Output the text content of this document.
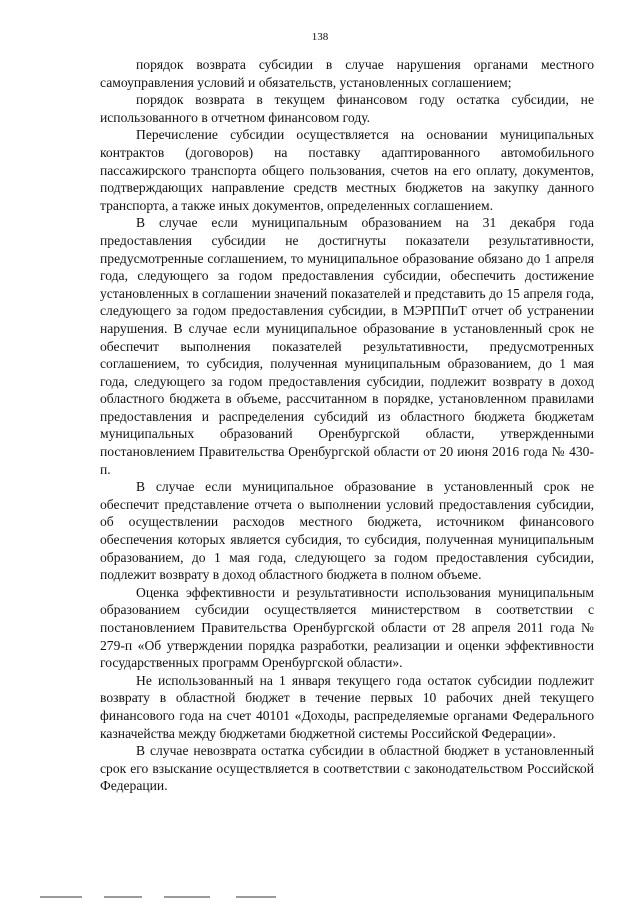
138

порядок возврата субсидии в случае нарушения органами местного самоуправления условий и обязательств, установленных соглашением;

порядок возврата в текущем финансовом году остатка субсидии, не использованного в отчетном финансовом году.

Перечисление субсидии осуществляется на основании муниципальных контрактов (договоров) на поставку адаптированного автомобильного пассажирского транспорта общего пользования, счетов на его оплату, документов, подтверждающих направление средств местных бюджетов на закупку данного транспорта, а также иных документов, определенных соглашением.

В случае если муниципальным образованием на 31 декабря года предоставления субсидии не достигнуты показатели результативности, предусмотренные соглашением, то муниципальное образование обязано до 1 апреля года, следующего за годом предоставления субсидии, обеспечить достижение установленных в соглашении значений показателей и представить до 15 апреля года, следующего за годом предоставления субсидии, в МЭРППиТ отчет об устранении нарушения. В случае если муниципальное образование в установленный срок не обеспечит выполнения показателей результативности, предусмотренных соглашением, то субсидия, полученная муниципальным образованием, до 1 мая года, следующего за годом предоставления субсидии, подлежит возврату в доход областного бюджета в объеме, рассчитанном в порядке, установленном правилами предоставления и распределения субсидий из областного бюджета бюджетам муниципальных образований Оренбургской области, утвержденными постановлением Правительства Оренбургской области от 20 июня 2016 года № 430-п.

В случае если муниципальное образование в установленный срок не обеспечит представление отчета о выполнении условий предоставления субсидии, об осуществлении расходов местного бюджета, источником финансового обеспечения которых является субсидия, то субсидия, полученная муниципальным образованием, до 1 мая года, следующего за годом предоставления субсидии, подлежит возврату в доход областного бюджета в полном объеме.

Оценка эффективности и результативности использования муниципальным образованием субсидии осуществляется министерством в соответствии с постановлением Правительства Оренбургской области от 28 апреля 2011 года № 279-п «Об утверждении порядка разработки, реализации и оценки эффективности государственных программ Оренбургской области».

Не использованный на 1 января текущего года остаток субсидии подлежит возврату в областной бюджет в течение первых 10 рабочих дней текущего финансового года на счет 40101 «Доходы, распределяемые органами Федерального казначейства между бюджетами бюджетной системы Российской Федерации».

В случае невозврата остатка субсидии в областной бюджет в установленный срок его взыскание осуществляется в соответствии с законодательством Российской Федерации.
